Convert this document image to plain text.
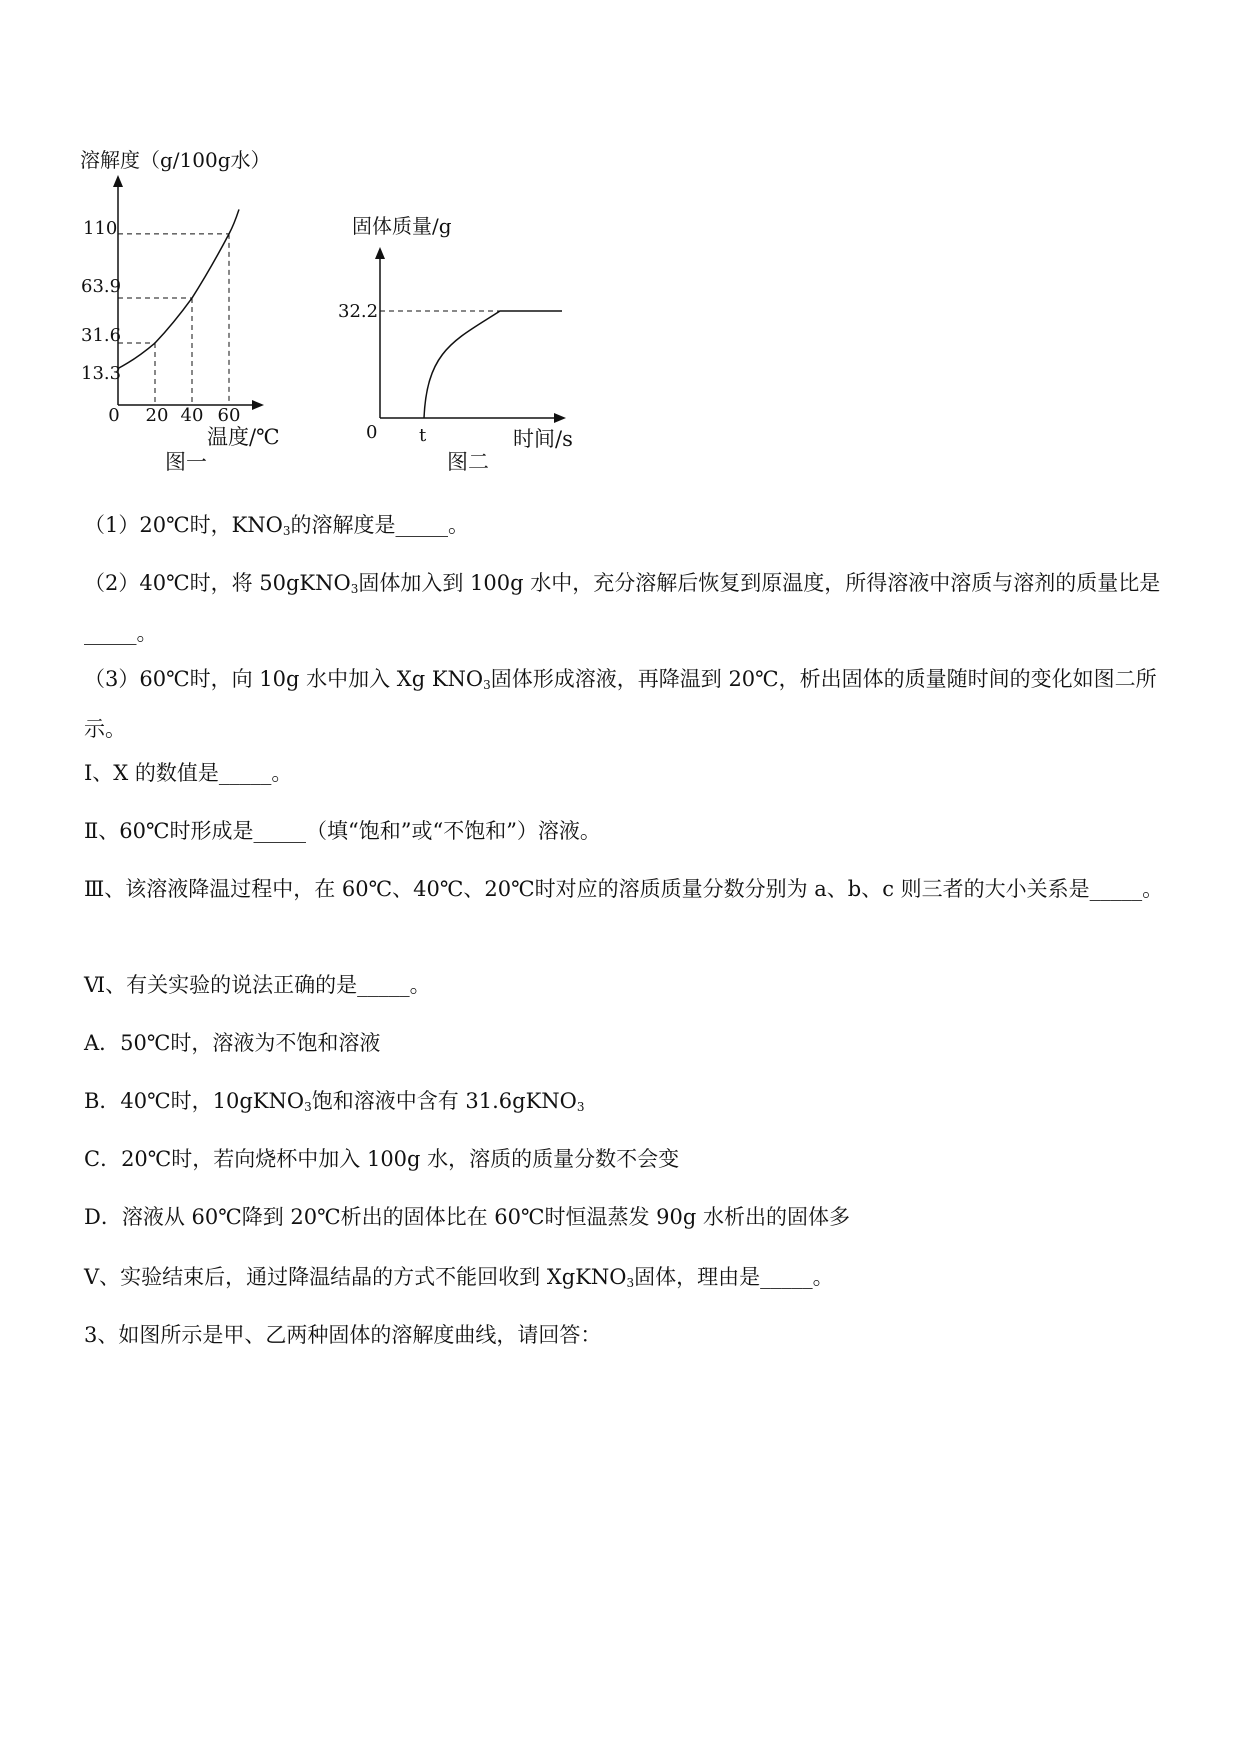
溶解度（g/100g水）
0 20 40 60
110
63.9
31.6
13.3
温度/℃
图一
固体质量/g
32.2
0 t	时间/s
图二
（1）20℃时，$KNO_3$的溶解度是_____。
（2）40℃时，将 50gKNO$_3$固体加入到 100g 水中，充分溶解后恢复到原温度，所得溶液中溶质与溶剂的质量比是_____。
（3）60℃时，向 10g 水中加入 Xg $KNO_3$固体形成溶液，再降温到 20℃，析出固体的质量随时间的变化如图二所示。
Ⅰ、X 的数值是_____。
Ⅱ、60℃时形成是_____（填“饱和”或“不饱和”）溶液。
Ⅲ、该溶液降温过程中，在 60℃、40℃、20℃时对应的溶质质量分数分别为 a、b、c 则三者的大小关系是_____。
Ⅵ、有关实验的说法正确的是_____。
A．50℃时，溶液为不饱和溶液
B．40℃时，10gKNO$_3$饱和溶液中含有 31.6gKNO$_3$
C．20℃时，若向烧杯中加入 100g 水，溶质的质量分数不会变
D．溶液从 60℃降到 20℃析出的固体比在 60℃时恒温蒸发 90g 水析出的固体多
Ⅴ、实验结束后，通过降温结晶的方式不能回收到 XgKNO$_3$固体，理由是_____。
3、如图所示是甲、乙两种固体的溶解度曲线，请回答：
